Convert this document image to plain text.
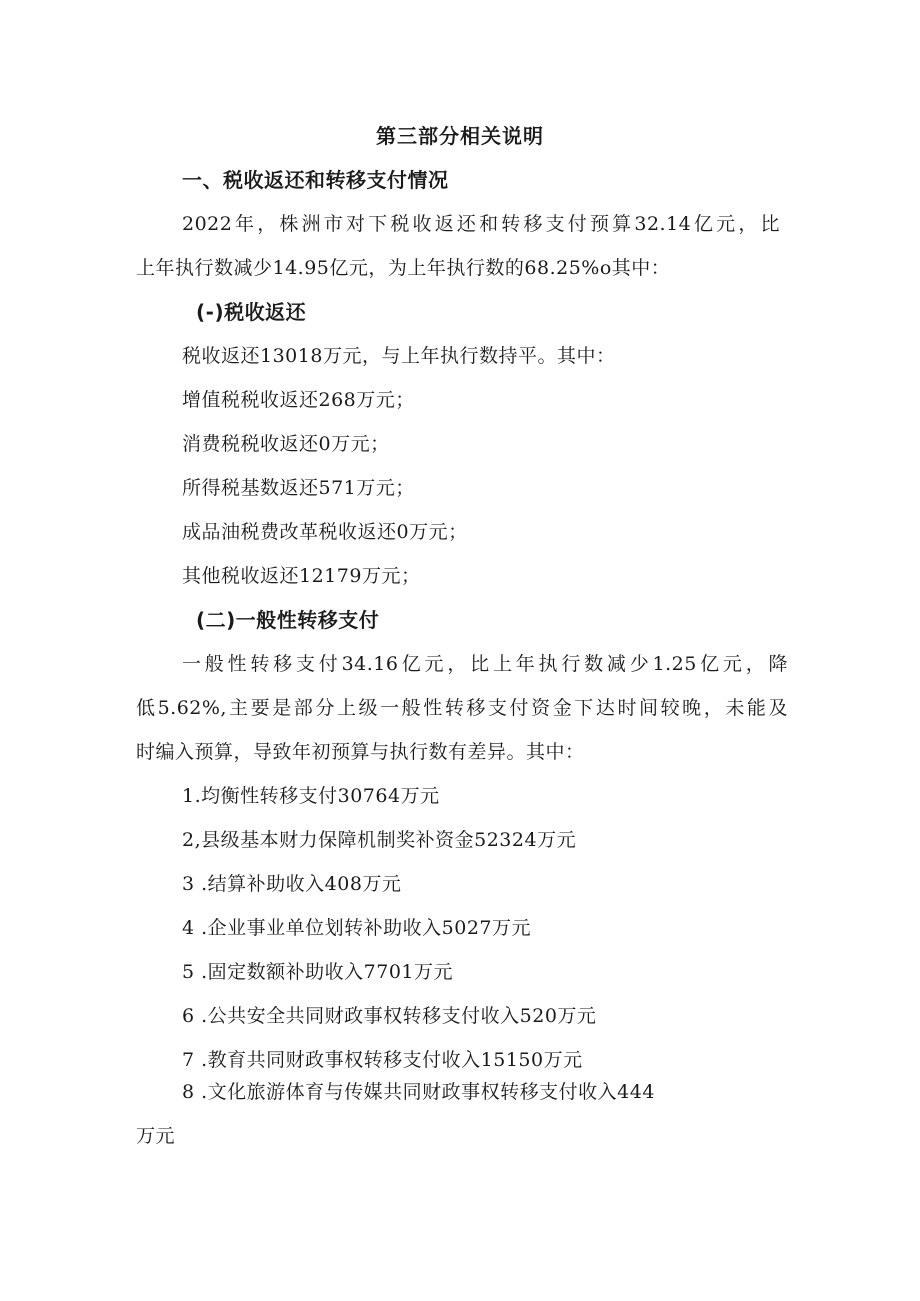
第三部分相关说明
一、税收返还和转移支付情况
2022年，株洲市对下税收返还和转移支付预算32.14亿元，比
上年执行数减少14.95亿元，为上年执行数的68.25%o其中：
(-)税收返还
税收返还13018万元，与上年执行数持平。其中：
增值税税收返还268万元；
消费税税收返还0万元；
所得税基数返还571万元；
成品油税费改革税收返还0万元；
其他税收返还12179万元；
(二)一般性转移支付
一般性转移支付34.16亿元，比上年执行数减少1.25亿元，降
低5.62%,主要是部分上级一般性转移支付资金下达时间较晚，未能及
时编入预算，导致年初预算与执行数有差异。其中：
1.均衡性转移支付30764万元
2,县级基本财力保障机制奖补资金52324万元
3 .结算补助收入408万元
4 .企业事业单位划转补助收入5027万元
5 .固定数额补助收入7701万元
6 .公共安全共同财政事权转移支付收入520万元
7 .教育共同财政事权转移支付收入15150万元
8 .文化旅游体育与传媒共同财政事权转移支付收入444
万元
